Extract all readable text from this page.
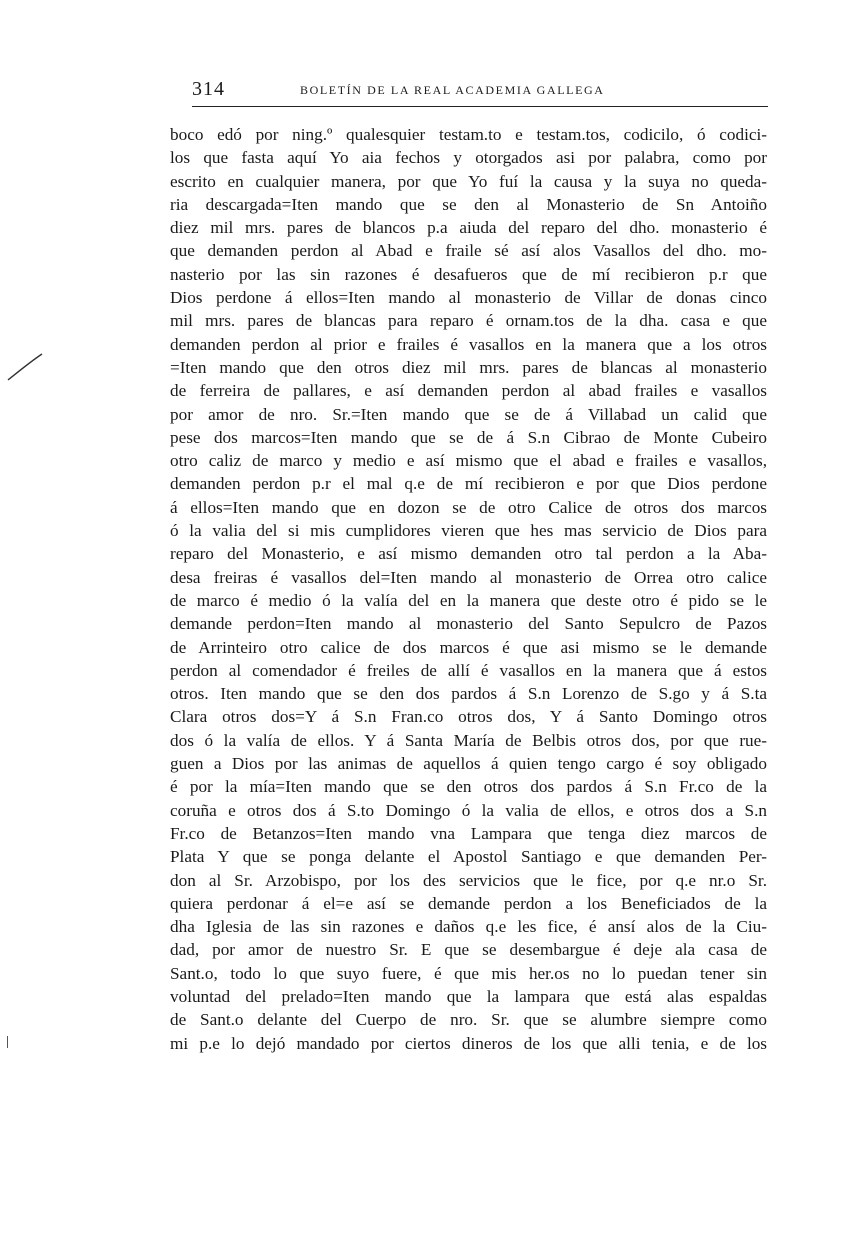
314	BOLETÍN DE LA REAL ACADEMIA GALLEGA
boco edó por ning.º qualesquier testam.to e testam.tos, codicilo, ó codici-
los que fasta aquí Yo aia fechos y otorgados asi por palabra, como por
escrito en cualquier manera, por que Yo fuí la causa y la suya no queda-
ria descargada=Iten mando que se den al Monasterio de Sn Antoiño
diez mil mrs. pares de blancos p.a aiuda del reparo del dho. monasterio é
que demanden perdon al Abad e fraile sé así alos Vasallos del dho. mo-
nasterio por las sin razones é desafueros que de mí recibieron p.r que
Dios perdone á ellos=Iten mando al monasterio de Villar de donas cinco
mil mrs. pares de blancas para reparo é ornam.tos de la dha. casa e que
demanden perdon al prior e frailes é vasallos en la manera que a los otros
=Iten mando que den otros diez mil mrs. pares de blancas al monasterio
de ferreira de pallares, e así demanden perdon al abad frailes e vasallos
por amor de nro. Sr.=Iten mando que se de á Villabad un calid que
pese dos marcos=Iten mando que se de á S.n Cibrao de Monte Cubeiro
otro caliz de marco y medio e así mismo que el abad e frailes e vasallos,
demanden perdon p.r el mal q.e de mí recibieron e por que Dios perdone
á ellos=Iten mando que en dozon se de otro Calice de otros dos marcos
ó la valia del si mis cumplidores vieren que hes mas servicio de Dios para
reparo del Monasterio, e así mismo demanden otro tal perdon a la Aba-
desa freiras é vasallos del=Iten mando al monasterio de Orrea otro calice
de marco é medio ó la valía del en la manera que deste otro é pido se le
demande perdon=Iten mando al monasterio del Santo Sepulcro de Pazos
de Arrinteiro otro calice de dos marcos é que asi mismo se le demande
perdon al comendador é freiles de allí é vasallos en la manera que á estos
otros. Iten mando que se den dos pardos á S.n Lorenzo de S.go y á S.ta
Clara otros dos=Y á S.n Fran.co otros dos, Y á Santo Domingo otros
dos ó la valía de ellos. Y á Santa María de Belbis otros dos, por que rue-
guen a Dios por las animas de aquellos á quien tengo cargo é soy obligado
é por la mía=Iten mando que se den otros dos pardos á S.n Fr.co de la
coruña e otros dos á S.to Domingo ó la valia de ellos, e otros dos a S.n
Fr.co de Betanzos=Iten mando vna Lampara que tenga diez marcos de
Plata Y que se ponga delante el Apostol Santiago e que demanden Per-
don al Sr. Arzobispo, por los des servicios que le fice, por q.e nr.o Sr.
quiera perdonar á el=e así se demande perdon a los Beneficiados de la
dha Iglesia de las sin razones e daños q.e les fice, é ansí alos de la Ciu-
dad, por amor de nuestro Sr. E que se desembargue é deje ala casa de
Sant.o, todo lo que suyo fuere, é que mis her.os no lo puedan tener sin
voluntad del prelado=Iten mando que la lampara que está alas espaldas
de Sant.o delante del Cuerpo de nro. Sr. que se alumbre siempre como
mi p.e lo dejó mandado por ciertos dineros de los que alli tenia, e de los
